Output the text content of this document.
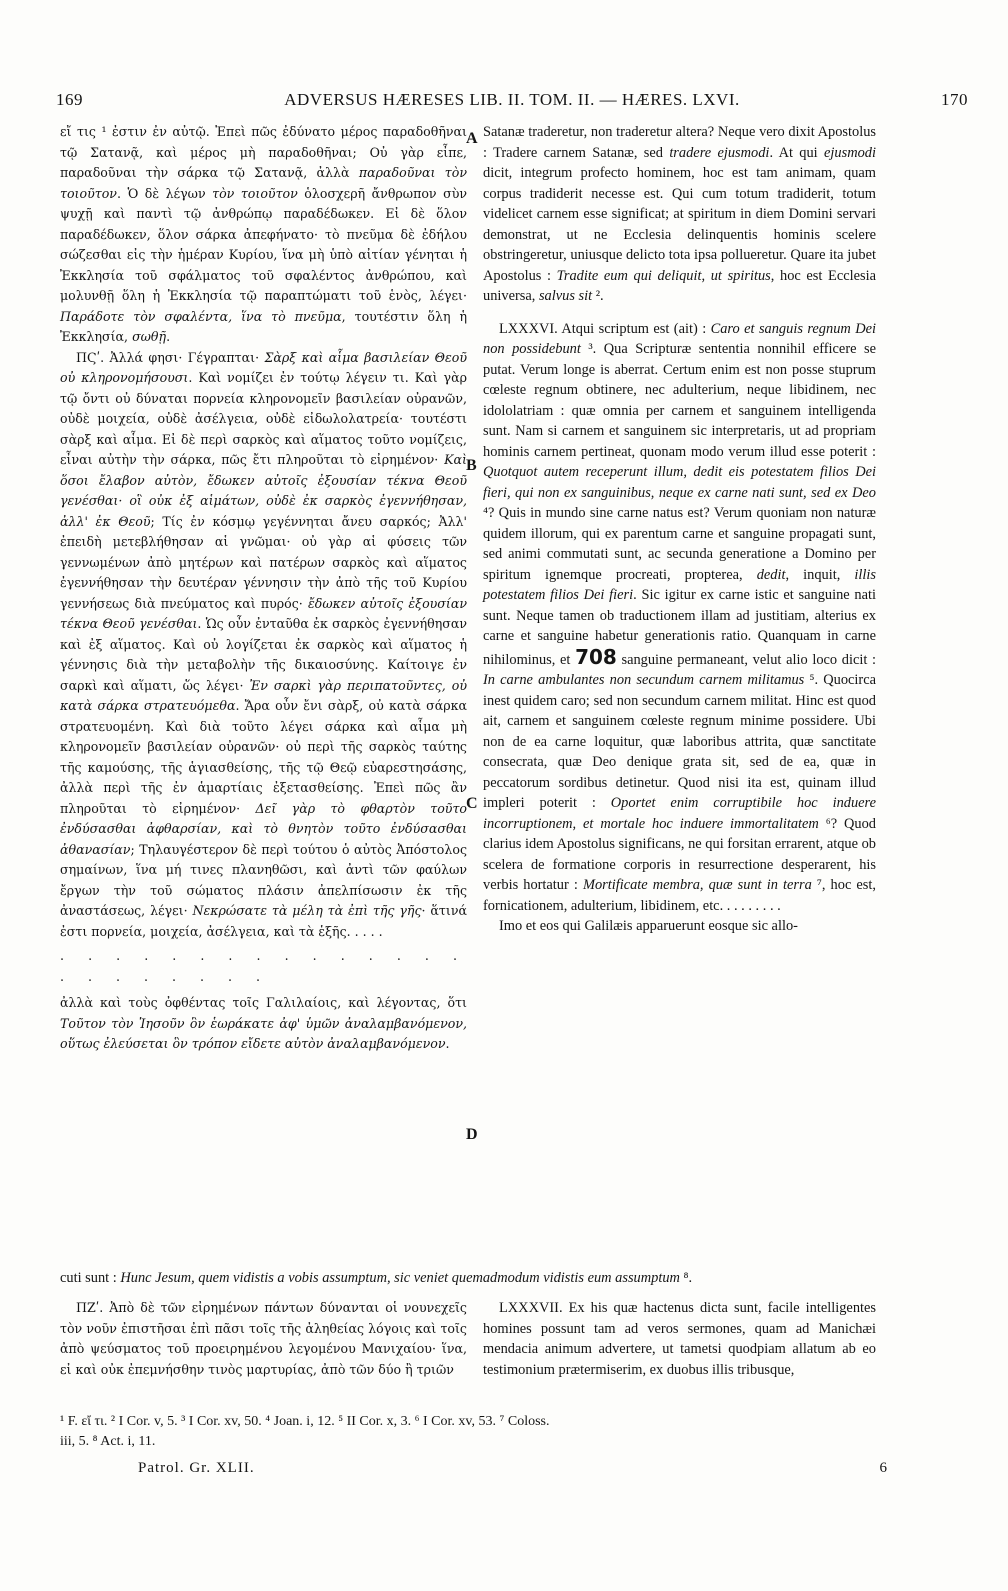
169	ADVERSUS HÆRESES LIB. II. TOM. II. — HÆRES. LXVI.	170

εἴ τις ¹ ἐστιν ἐν αὐτῷ. Ἐπεὶ πῶς ἐδύνατο μέρος παραδοθῆναι τῷ Σατανᾷ, καὶ μέρος μὴ παραδοθῆναι; Οὐ γὰρ εἶπε, παραδοῦναι τὴν σάρκα τῷ Σατανᾷ, ἀλλὰ παραδοῦναι τὸν τοιοῦτον. Ὁ δὲ λέγων τὸν τοιοῦτον ὁλοσχερῆ ἄνθρωπον σὺν ψυχῇ καὶ παντὶ τῷ ἀνθρώπῳ παραδέδωκεν. Εἰ δὲ ὅλον παραδέδωκεν, ὅλον σάρκα ἀπεφήνατο· τὸ πνεῦμα δὲ ἐδήλου σώζεσθαι εἰς τὴν ἡμέραν Κυρίου, ἵνα μὴ ὑπὸ αἰτίαν γένηται ἡ Ἐκκλησία τοῦ σφάλματος τοῦ σφαλέντος ἀνθρώπου, καὶ μολυνθῇ ὅλη ἡ Ἐκκλησία τῷ παραπτώματι τοῦ ἑνὸς, λέγει· Παράδοτε τὸν σφαλέντα, ἵνα τὸ πνεῦμα, τουτέστιν ὅλη ἡ Ἐκκλησία, σωθῇ.

ΠϚʹ. Ἀλλά φησι· Γέγραπται· Σὰρξ καὶ αἷμα βασιλείαν Θεοῦ οὐ κληρονομήσουσι. Καὶ νομίζει ἐν τούτῳ λέγειν τι. Καὶ γὰρ τῷ ὄντι οὐ δύναται πορνεία κληρονομεῖν βασιλείαν οὐρανῶν, οὐδὲ μοιχεία, οὐδὲ ἀσέλγεια, οὐδὲ εἰδωλολατρεία· τουτέστι σὰρξ καὶ αἷμα. Εἰ δὲ περὶ σαρκὸς καὶ αἵματος τοῦτο νομίζεις, εἶναι αὐτὴν τὴν σάρκα, πῶς ἔτι πληροῦται τὸ εἰρημένον· Καὶ ὅσοι ἔλαβον αὐτὸν, ἔδωκεν αὐτοῖς ἐξουσίαν τέκνα Θεοῦ γενέσθαι· οἳ οὐκ ἐξ αἱμάτων, οὐδὲ ἐκ σαρκὸς ἐγεννήθησαν, ἀλλ' ἐκ Θεοῦ; Τίς ἐν κόσμῳ γεγέννηται ἄνευ σαρκός; Ἀλλ' ἐπειδὴ μετεβλήθησαν αἱ γνῶμαι· οὐ γὰρ αἱ φύσεις τῶν γεννωμένων ἀπὸ μητέρων καὶ πατέρων σαρκὸς καὶ αἵματος ἐγεννήθησαν τὴν δευτέραν γέννησιν τὴν ἀπὸ τῆς τοῦ Κυρίου γεννήσεως διὰ πνεύματος καὶ πυρός· ἔδωκεν αὐτοῖς ἐξουσίαν τέκνα Θεοῦ γενέσθαι. Ὡς οὖν ἐνταῦθα ἐκ σαρκὸς ἐγεννήθησαν καὶ ἐξ αἵματος. Καὶ οὐ λογίζεται ἐκ σαρκὸς καὶ αἵματος ἡ γέννησις διὰ τὴν μεταβολὴν τῆς δικαιοσύνης. Καίτοιγε ἐν σαρκὶ καὶ αἵματι, ὥς λέγει· Ἐν σαρκὶ γὰρ περιπατοῦντες, οὐ κατὰ σάρκα στρατευόμεθα. Ἄρα οὖν ἔνι σὰρξ, οὐ κατὰ σάρκα στρατευομένη. Καὶ διὰ τοῦτο λέγει σάρκα καὶ αἷμα μὴ κληρονομεῖν βασιλείαν οὐρανῶν· οὐ περὶ τῆς σαρκὸς ταύτης τῆς καμούσης, τῆς ἁγιασθείσης, τῆς τῷ Θεῷ εὐαρεστησάσης, ἀλλὰ περὶ τῆς ἐν ἁμαρτίαις ἐξετασθείσης. Ἐπεὶ πῶς ἂν πληροῦται τὸ εἰρημένον· Δεῖ γὰρ τὸ φθαρτὸν τοῦτο ἐνδύσασθαι ἀφθαρσίαν, καὶ τὸ θνητὸν τοῦτο ἐνδύσασθαι ἀθανασίαν; Τηλαυγέστερον δὲ περὶ τούτου ὁ αὐτὸς Ἀπόστολος σημαίνων, ἵνα μή τινες πλανηθῶσι, καὶ ἀντὶ τῶν φαύλων ἔργων τὴν τοῦ σώματος πλάσιν ἀπελπίσωσιν ἐκ τῆς ἀναστάσεως, λέγει· Νεκρώσατε τὰ μέλη τὰ ἐπὶ τῆς γῆς· ἅτινά ἐστι πορνεία, μοιχεία, ἀσέλγεια, καὶ τὰ ἑξῆς. . . . .

. . . . . . . . . . . . . . . . . . . . . . .

ἀλλὰ καὶ τοὺς ὀφθέντας τοῖς Γαλιλαίοις, καὶ λέγοντας, ὅτι Τοῦτον τὸν Ἰησοῦν ὃν ἑωράκατε ἀφ' ὑμῶν ἀναλαμβανόμενον, οὕτως ἐλεύσεται ὃν τρόπον εἴδετε αὐτὸν ἀναλαμβανόμενον.

Satanæ traderetur, non traderetur altera? Neque vero dixit Apostolus : Tradere carnem Satanæ, sed tradere ejusmodi. At qui ejusmodi dicit, integrum profecto hominem, hoc est tam animam, quam corpus tradiderit necesse est. Qui cum totum tradiderit, totum videlicet carnem esse significat; at spiritum in diem Domini servari demonstrat, ut ne Ecclesia delinquentis hominis scelere obstringeretur, uniusque delicto tota ipsa pollueretur. Quare ita jubet Apostolus : Tradite eum qui deliquit, ut spiritus, hoc est Ecclesia universa, salvus sit ².

LXXXVI. Atqui scriptum est (ait) : Caro et sanguis regnum Dei non possidebunt ³. Qua Scripturæ sententia nonnihil efficere se putat. Verum longe is aberrat. Certum enim est non posse stuprum cœleste regnum obtinere, nec adulterium, neque libidinem, nec idololatriam : quæ omnia per carnem et sanguinem intelligenda sunt. Nam si carnem et sanguinem sic interpretaris, ut ad propriam hominis carnem pertineat, quonam modo verum illud esse poterit : Quotquot autem receperunt illum, dedit eis potestatem filios Dei fieri, qui non ex sanguinibus, neque ex carne nati sunt, sed ex Deo ⁴? Quis in mundo sine carne natus est? Verum quoniam non naturæ quidem illorum, qui ex parentum carne et sanguine propagati sunt, sed animi commutati sunt, ac secunda generatione a Domino per spiritum ignemque procreati, propterea, dedit, inquit, illis potestatem filios Dei fieri. Sic igitur ex carne istic et sanguine nati sunt. Neque tamen ob traductionem illam ad justitiam, alterius ex carne et sanguine habetur generationis ratio. Quanquam in carne nihilominus, et 708 sanguine permaneant, velut alio loco dicit : In carne ambulantes non secundum carnem militamus ⁵. Quocirca inest quidem caro; sed non secundum carnem militat. Hinc est quod ait, carnem et sanguinem cœleste regnum minime possidere. Ubi non de ea carne loquitur, quæ laboribus attrita, quæ sanctitate consecrata, quæ Deo denique grata sit, sed de ea, quæ in peccatorum sordibus detinetur. Quod nisi ita est, quinam illud impleri poterit : Oportet enim corruptibile hoc induere incorruptionem, et mortale hoc induere immortalitatem ⁶? Quod clarius idem Apostolus significans, ne qui forsitan errarent, atque ob scelera de formatione corporis in resurrectione desperarent, his verbis hortatur : Mortificate membra, quæ sunt in terra ⁷, hoc est, fornicationem, adulterium, libidinem, etc. . . . . . . . .

Imo et eos qui Galilæis apparuerunt eosque sic allo-

cuti sunt : Hunc Jesum, quem vidistis a vobis assumptum, sic veniet quemadmodum vidistis eum assumptum ⁸.

ΠΖʹ. Ἀπὸ δὲ τῶν εἰρημένων πάντων δύνανται οἱ νουνεχεῖς τὸν νοῦν ἐπιστῆσαι ἐπὶ πᾶσι τοῖς τῆς ἀληθείας λόγοις καὶ τοῖς ἀπὸ ψεύσματος τοῦ προειρημένου λεγομένου Μανιχαίου· ἵνα, εἰ καὶ οὐκ ἐπεμνήσθην τινὸς μαρτυρίας, ἀπὸ τῶν δύο ἢ τριῶν

LXXXVII. Ex his quæ hactenus dicta sunt, facile intelligentes homines possunt tam ad veros sermones, quam ad Manichæi mendacia animum advertere, ut tametsi quodpiam allatum ab eo testimonium prætermiserim, ex duobus illis tribusque,

A
B
C
D
¹ F. εἴ τι. ² I Cor. v, 5. ³ I Cor. xv, 50. ⁴ Joan. i, 12. ⁵ II Cor. x, 3. ⁶ I Cor. xv, 53. ⁷ Coloss.
iii, 5. ⁸ Act. i, 11.
Patrol. Gr. XLII.	6
